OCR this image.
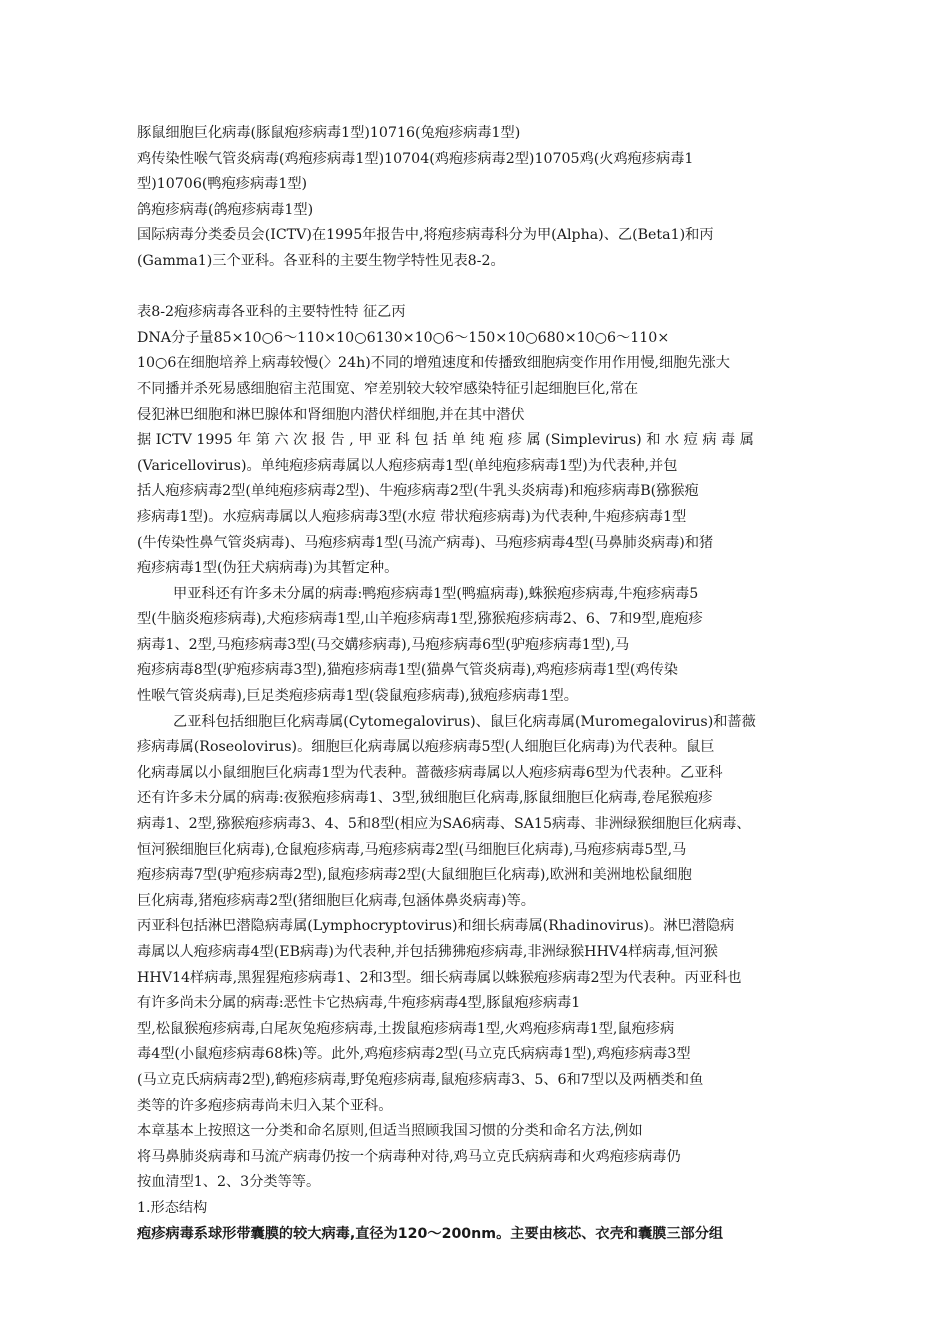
豚鼠细胞巨化病毒(豚鼠疱疹病毒1型)10716(兔疱疹病毒1型)
鸡传染性喉气管炎病毒(鸡疱疹病毒1型)10704(鸡疱疹病毒2型)10705鸡(火鸡疱疹病毒1
型)10706(鸭疱疹病毒1型)
鸽疱疹病毒(鸽疱疹病毒1型)
国际病毒分类委员会(ICTV)在1995年报告中,将疱疹病毒科分为甲(Alpha)、乙(Beta1)和丙
(Gamma1)三个亚科。各亚科的主要生物学特性见表8-2。
表8-2疱疹病毒各亚科的主要特性特 征乙丙
DNA分子量85×10○6～110×10○6130×10○6～150×10○680×10○6～110×
10○6在细胞培养上病毒较慢(〉24h)不同的增殖速度和传播致细胞病变作用作用慢,细胞先涨大
不同播并杀死易感细胞宿主范围宽、窄差别较大较窄感染特征引起细胞巨化,常在
侵犯淋巴细胞和淋巴腺体和肾细胞内潜伏样细胞,并在其中潜伏
据 ICTV 1995 年 第 六 次 报 告 , 甲 亚 科 包 括 单 纯 疱 疹 属 (Simplevirus) 和 水 痘 病 毒 属
(Varicellovirus)。单纯疱疹病毒属以人疱疹病毒1型(单纯疱疹病毒1型)为代表种,并包
括人疱疹病毒2型(单纯疱疹病毒2型)、牛疱疹病毒2型(牛乳头炎病毒)和疱疹病毒B(猕猴疱
疹病毒1型)。水痘病毒属以人疱疹病毒3型(水痘 带状疱疹病毒)为代表种,牛疱疹病毒1型
(牛传染性鼻气管炎病毒)、马疱疹病毒1型(马流产病毒)、马疱疹病毒4型(马鼻肺炎病毒)和猪
疱疹病毒1型(伪狂犬病病毒)为其暂定种。
甲亚科还有许多未分属的病毒:鸭疱疹病毒1型(鸭瘟病毒),蛛猴疱疹病毒,牛疱疹病毒5
型(牛脑炎疱疹病毒),犬疱疹病毒1型,山羊疱疹病毒1型,猕猴疱疹病毒2、6、7和9型,鹿疱疹
病毒1、2型,马疱疹病毒3型(马交媾疹病毒),马疱疹病毒6型(驴疱疹病毒1型),马
疱疹病毒8型(驴疱疹病毒3型),猫疱疹病毒1型(猫鼻气管炎病毒),鸡疱疹病毒1型(鸡传染
性喉气管炎病毒),巨足类疱疹病毒1型(袋鼠疱疹病毒),狨疱疹病毒1型。
乙亚科包括细胞巨化病毒属(Cytomegalovirus)、鼠巨化病毒属(Muromegalovirus)和蔷薇
疹病毒属(Roseolovirus)。细胞巨化病毒属以疱疹病毒5型(人细胞巨化病毒)为代表种。鼠巨
化病毒属以小鼠细胞巨化病毒1型为代表种。蔷薇疹病毒属以人疱疹病毒6型为代表种。乙亚科
还有许多未分属的病毒:夜猴疱疹病毒1、3型,狨细胞巨化病毒,豚鼠细胞巨化病毒,卷尾猴疱疹
病毒1、2型,猕猴疱疹病毒3、4、5和8型(相应为SA6病毒、SA15病毒、非洲绿猴细胞巨化病毒、
恒河猴细胞巨化病毒),仓鼠疱疹病毒,马疱疹病毒2型(马细胞巨化病毒),马疱疹病毒5型,马
疱疹病毒7型(驴疱疹病毒2型),鼠疱疹病毒2型(大鼠细胞巨化病毒),欧洲和美洲地松鼠细胞
巨化病毒,猪疱疹病毒2型(猪细胞巨化病毒,包涵体鼻炎病毒)等。
丙亚科包括淋巴潜隐病毒属(Lymphocryptovirus)和细长病毒属(Rhadinovirus)。淋巴潜隐病
毒属以人疱疹病毒4型(EB病毒)为代表种,并包括狒狒疱疹病毒,非洲绿猴HHV4样病毒,恒河猴
HHV14样病毒,黑猩猩疱疹病毒1、2和3型。细长病毒属以蛛猴疱疹病毒2型为代表种。丙亚科也
有许多尚未分属的病毒:恶性卡它热病毒,牛疱疹病毒4型,豚鼠疱疹病毒1
型,松鼠猴疱疹病毒,白尾灰兔疱疹病毒,土拨鼠疱疹病毒1型,火鸡疱疹病毒1型,鼠疱疹病
毒4型(小鼠疱疹病毒68株)等。此外,鸡疱疹病毒2型(马立克氏病病毒1型),鸡疱疹病毒3型
(马立克氏病病毒2型),鹤疱疹病毒,野兔疱疹病毒,鼠疱疹病毒3、5、6和7型以及两栖类和鱼
类等的许多疱疹病毒尚未归入某个亚科。
本章基本上按照这一分类和命名原则,但适当照顾我国习惯的分类和命名方法,例如
将马鼻肺炎病毒和马流产病毒仍按一个病毒种对待,鸡马立克氏病病毒和火鸡疱疹病毒仍
按血清型1、2、3分类等等。
1.形态结构
疱疹病毒系球形带囊膜的较大病毒,直径为120～200nm。主要由核芯、衣壳和囊膜三部分组
